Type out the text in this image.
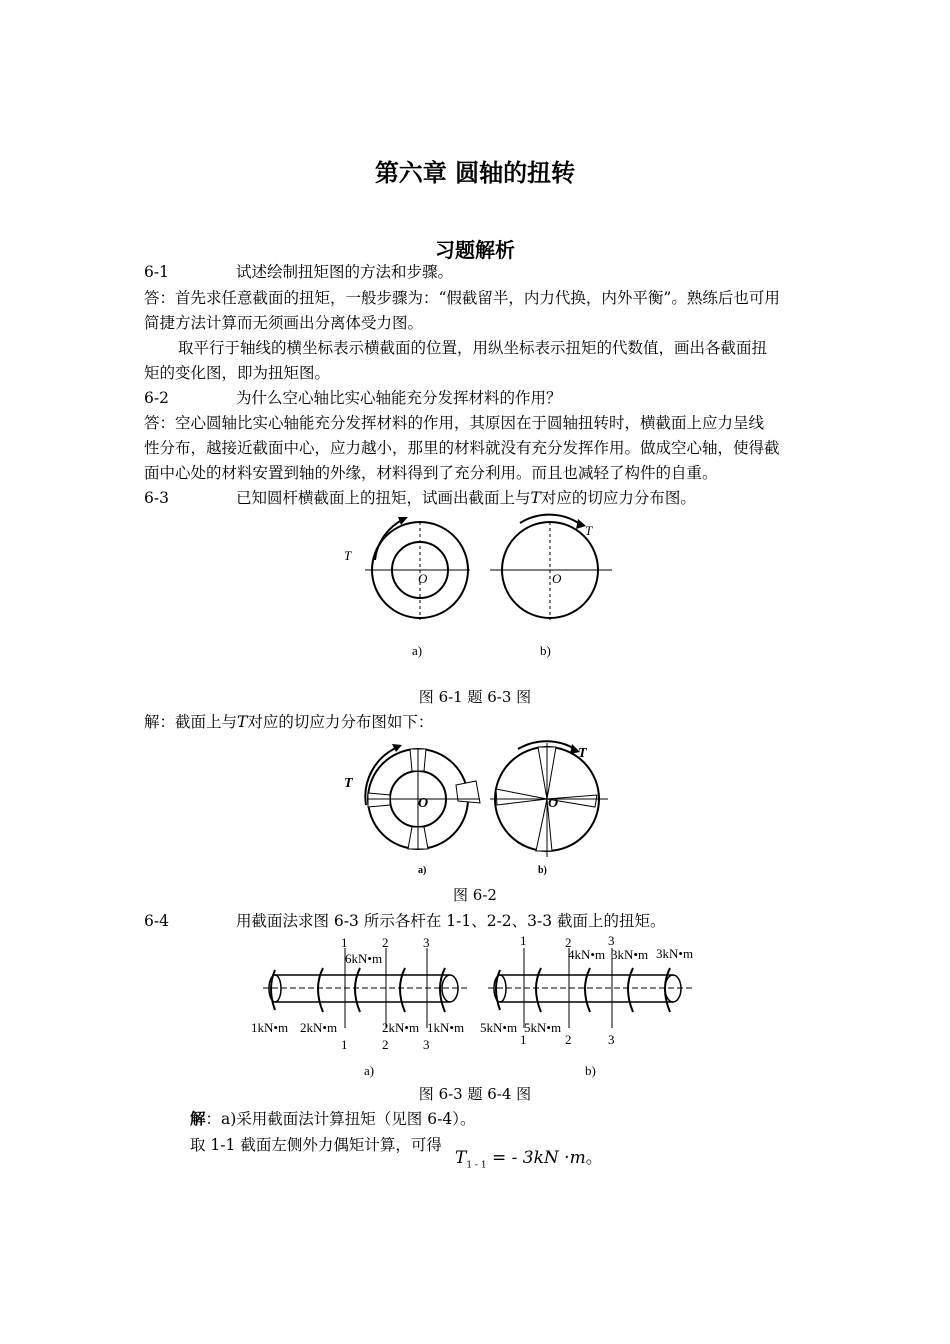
第六章 圆轴的扭转
习题解析
6-1	试述绘制扭矩图的方法和步骤。
答：首先求任意截面的扭矩，一般步骤为：“假截留半，内力代换，内外平衡”。熟练后也可用
简捷方法计算而无须画出分离体受力图。
取平行于轴线的横坐标表示横截面的位置，用纵坐标表示扭矩的代数值，画出各截面扭
矩的变化图，即为扭矩图。
6-2	为什么空心轴比实心轴能充分发挥材料的作用？
答：空心圆轴比实心轴能充分发挥材料的作用，其原因在于圆轴扭转时，横截面上应力呈线
性分布，越接近截面中心，应力越小，那里的材料就没有充分发挥作用。做成空心轴，使得截
面中心处的材料安置到轴的外缘，材料得到了充分利用。而且也减轻了构件的自重。
6-3	已知圆杆横截面上的扭矩，试画出截面上与T对应的切应力分布图。
T
O
T
O
a)	b)
图 6-1 题 6-3 图
解：截面上与T对应的切应力分布图如下：
T
O
T
O
a)	b)
图 6-2
6-4	用截面法求图 6-3 所示各杆在 1-1、2-2、3-3 截面上的扭矩。
1	2	3
6kN•m
1kN•m 2kN•m	2kN•m 1kN•m
1	2	3
a)
1	2	3
4kN•m 3kN•m 3kN•m
5kN•m 5kN•m
1	2	3
b)
图 6-3 题 6-4 图
解：a)采用截面法计算扭矩（见图 6-4）。
取 1-1 截面左侧外力偶矩计算，可得
$T_{1 - 1}$ = - 3kN ·m。
